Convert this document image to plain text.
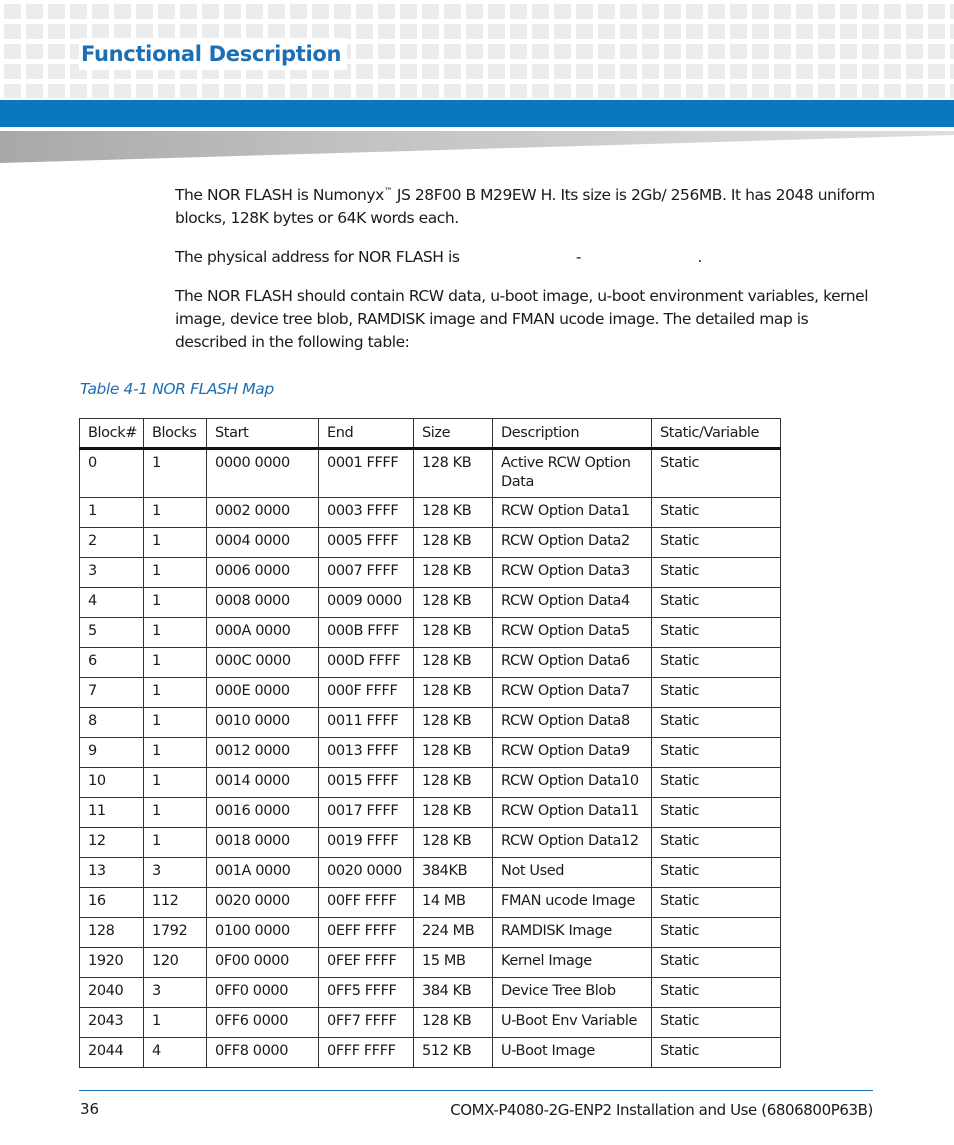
Functional Description

The NOR FLASH is Numonyx™ JS 28F00 B M29EW H. Its size is 2Gb/ 256MB. It has 2048 uniform blocks, 128K bytes or 64K words each.

The physical address for NOR FLASH is                          -                          .

The NOR FLASH should contain RCW data, u-boot image, u-boot environment variables, kernel image, device tree blob, RAMDISK image and FMAN ucode image. The detailed map is described in the following table:

Table 4-1 NOR FLASH Map

Block#	Blocks	Start	End	Size	Description	Static/Variable
0	1	0000 0000	0001 FFFF	128 KB	Active RCW Option Data	Static
1	1	0002 0000	0003 FFFF	128 KB	RCW Option Data1	Static
2	1	0004 0000	0005 FFFF	128 KB	RCW Option Data2	Static
3	1	0006 0000	0007 FFFF	128 KB	RCW Option Data3	Static
4	1	0008 0000	0009 0000	128 KB	RCW Option Data4	Static
5	1	000A 0000	000B FFFF	128 KB	RCW Option Data5	Static
6	1	000C 0000	000D FFFF	128 KB	RCW Option Data6	Static
7	1	000E 0000	000F FFFF	128 KB	RCW Option Data7	Static
8	1	0010 0000	0011 FFFF	128 KB	RCW Option Data8	Static
9	1	0012 0000	0013 FFFF	128 KB	RCW Option Data9	Static
10	1	0014 0000	0015 FFFF	128 KB	RCW Option Data10	Static
11	1	0016 0000	0017 FFFF	128 KB	RCW Option Data11	Static
12	1	0018 0000	0019 FFFF	128 KB	RCW Option Data12	Static
13	3	001A 0000	0020 0000	384KB	Not Used	Static
16	112	0020 0000	00FF FFFF	14 MB	FMAN ucode Image	Static
128	1792	0100 0000	0EFF FFFF	224 MB	RAMDISK Image	Static
1920	120	0F00 0000	0FEF FFFF	15 MB	Kernel Image	Static
2040	3	0FF0 0000	0FF5 FFFF	384 KB	Device Tree Blob	Static
2043	1	0FF6 0000	0FF7 FFFF	128 KB	U-Boot Env Variable	Static
2044	4	0FF8 0000	0FFF FFFF	512 KB	U-Boot Image	Static

36	COMX-P4080-2G-ENP2 Installation and Use (6806800P63B)
